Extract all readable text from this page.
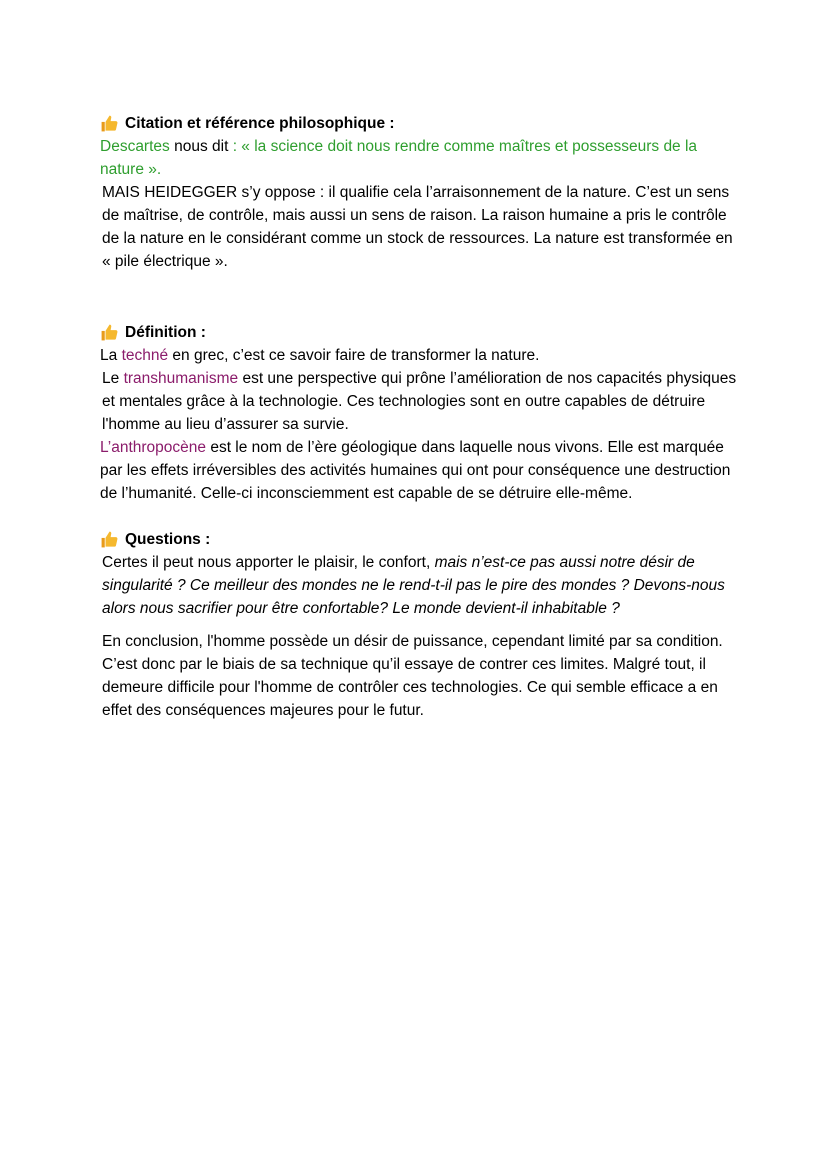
Citation et référence philosophique :

Descartes nous dit : « la science doit nous rendre comme maîtres et possesseurs de la nature ».

MAIS HEIDEGGER s’y oppose : il qualifie cela l’arraisonnement de la nature. C’est un sens de maîtrise, de contrôle, mais aussi un sens de raison. La raison humaine a pris le contrôle de la nature en le considérant comme un stock de ressources. La nature est transformée en « pile électrique ».

Définition :

La techné en grec, c’est ce savoir faire de transformer la nature.

Le transhumanisme est une perspective qui prône l’amélioration de nos capacités physiques et mentales grâce à la technologie. Ces technologies sont en outre capables de détruire l'homme au lieu d’assurer sa survie.

L’anthropocène est le nom de l’ère géologique dans laquelle nous vivons. Elle est marquée par les effets irréversibles des activités humaines qui ont pour conséquence une destruction de l’humanité. Celle-ci inconsciemment est capable de se détruire elle-même.

Questions :

Certes il peut nous apporter le plaisir, le confort, mais n’est-ce pas aussi notre désir de singularité ? Ce meilleur des mondes ne le rend-t-il pas le pire des mondes ? Devons-nous alors nous sacrifier pour être confortable? Le monde devient-il inhabitable ?

En conclusion, l'homme possède un désir de puissance, cependant limité par sa condition. C’est donc par le biais de sa technique qu’il essaye de contrer ces limites. Malgré tout, il demeure difficile pour l'homme de contrôler ces technologies. Ce qui semble efficace a en effet des conséquences majeures pour le futur.
